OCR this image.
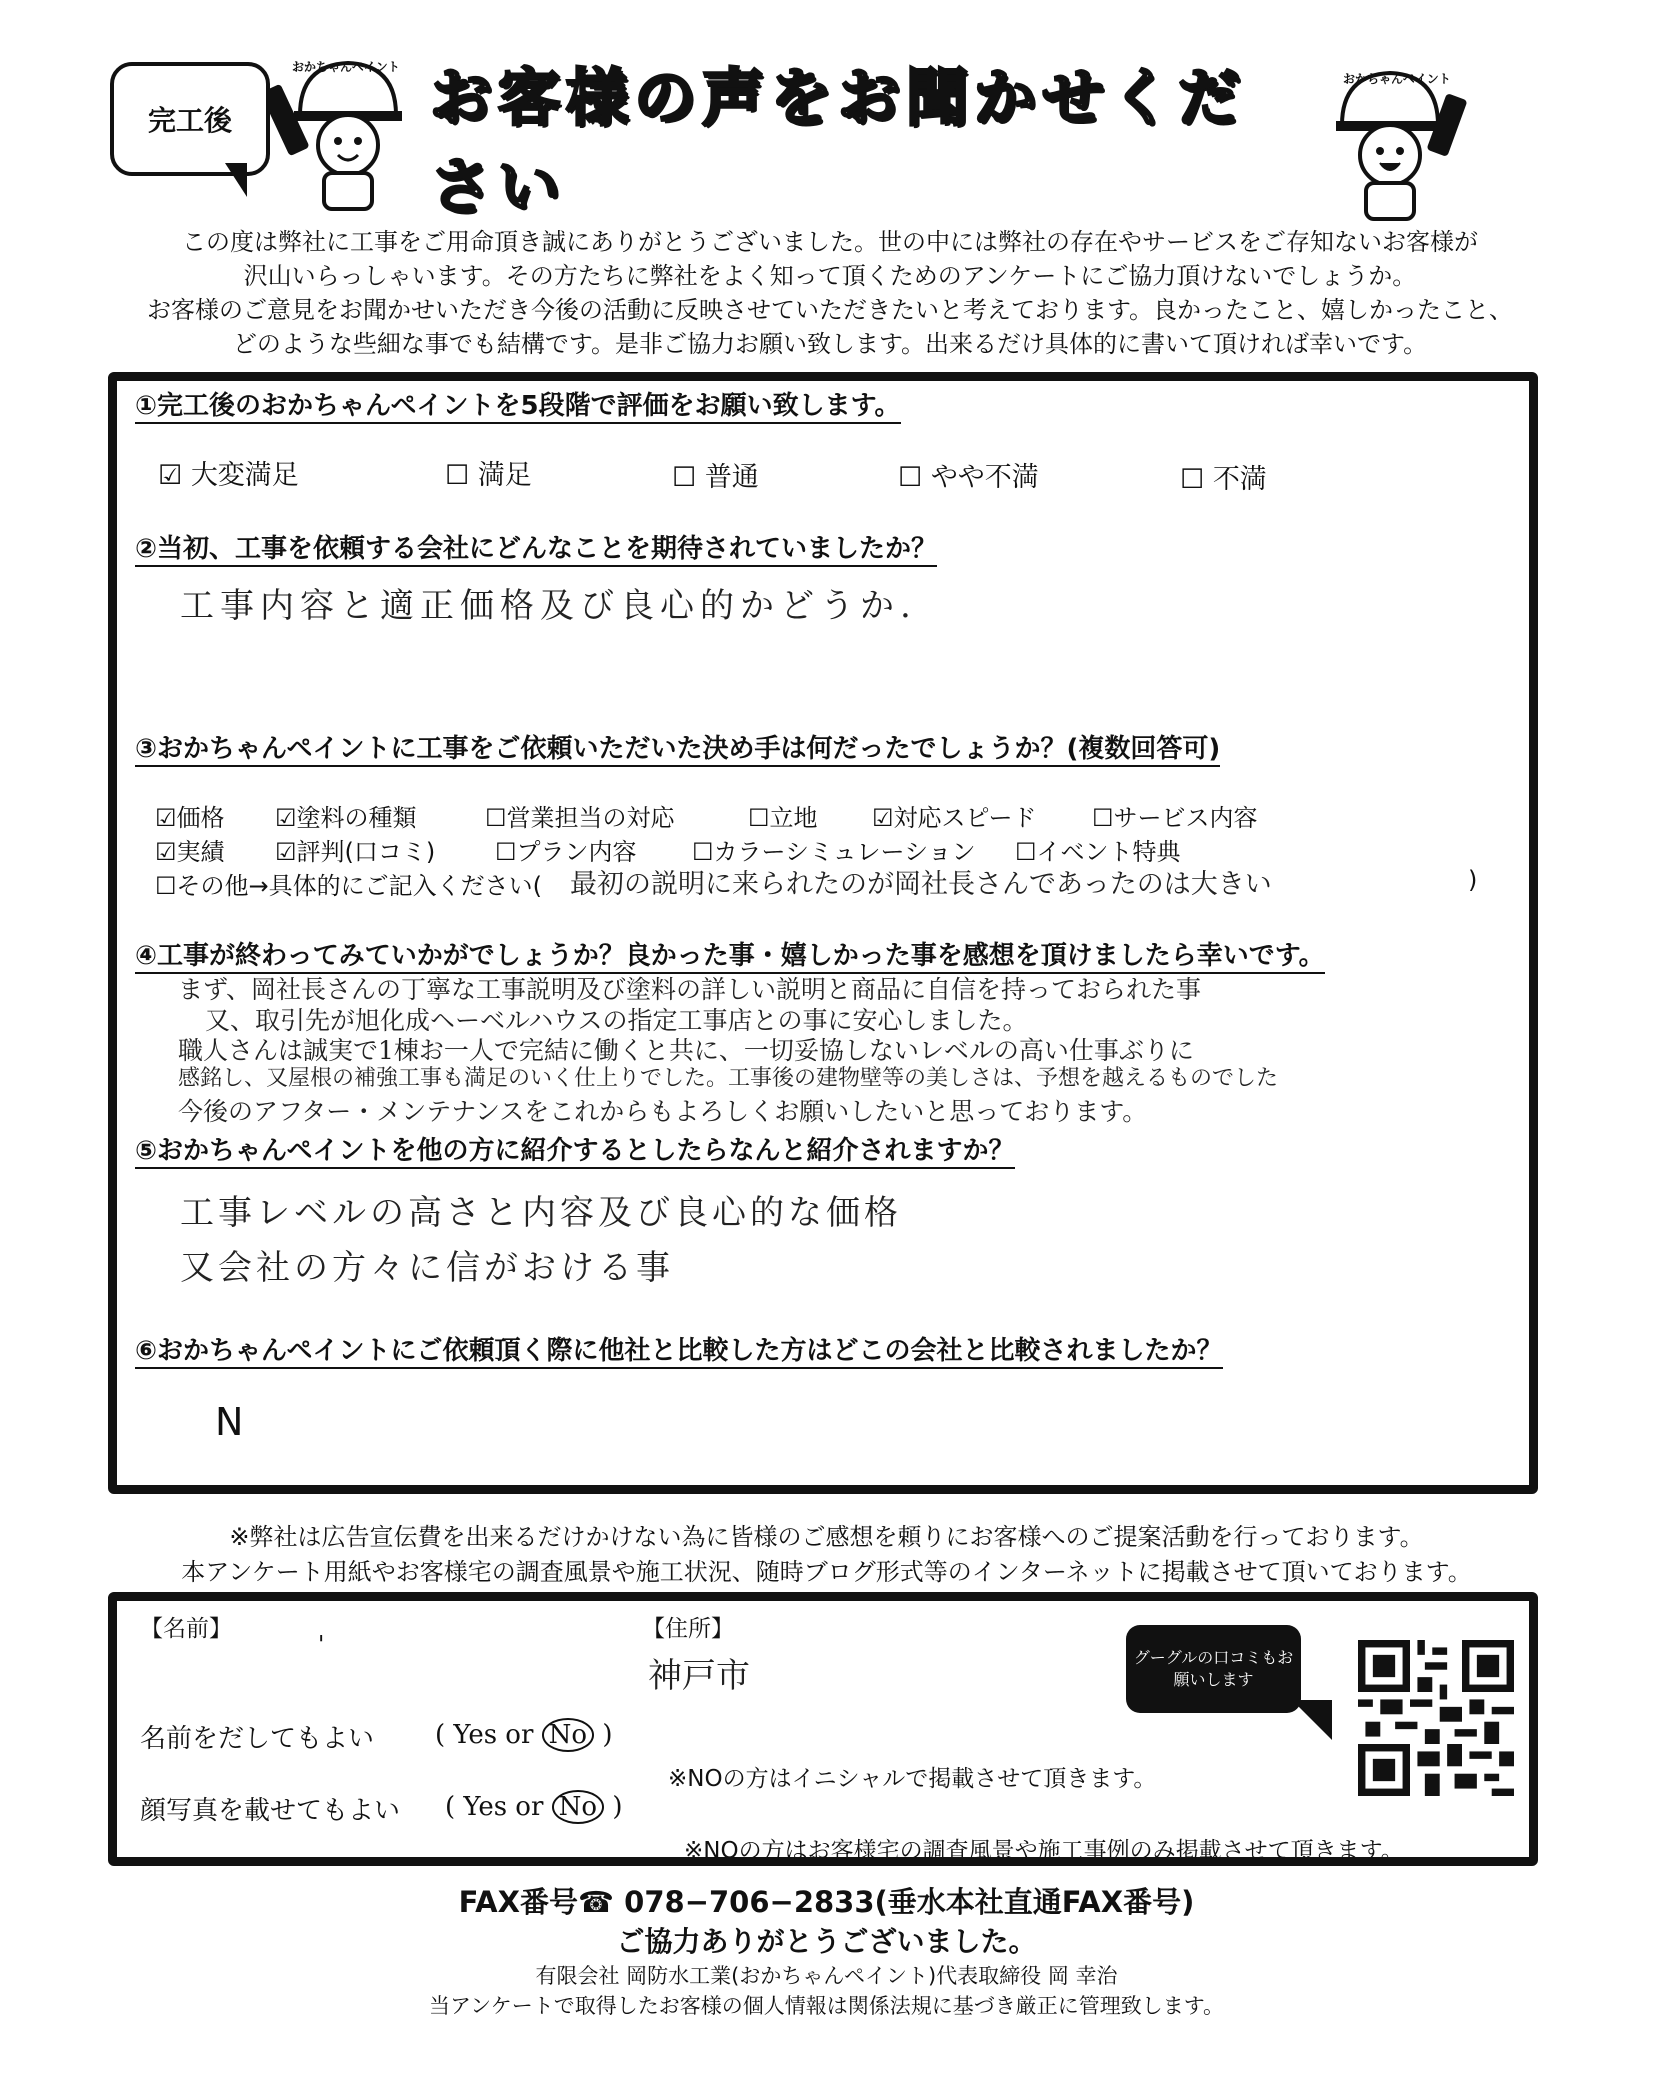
完工後
おかちゃんペイント お客様の声をお聞かせください
おかちゃんペイント

この度は弊社に工事をご用命頂き誠にありがとうございました。世の中には弊社の存在やサービスをご存知ないお客様が

沢山いらっしゃいます。その方たちに弊社をよく知って頂くためのアンケートにご協力頂けないでしょうか。

お客様のご意見をお聞かせいただき今後の活動に反映させていただきたいと考えております。良かったこと、嬉しかったこと、

どのような些細な事でも結構です。是非ご協力お願い致します。出来るだけ具体的に書いて頂ければ幸いです。

①完工後のおかちゃんペイントを5段階で評価をお願い致します。
☑ 大変満足	☐ 満足	☐ 普通	☐ やや不満	☐ 不満
②当初、工事を依頼する会社にどんなことを期待されていましたか？
工事内容と適正価格及び良心的かどうか.
③おかちゃんペイントに工事をご依頼いただいた決め手は何だったでしょうか？(複数回答可)
☑価格 ☑塗料の種類	☐営業担当の対応	☐立地 ☑対応スピード ☐サービス内容
☑実績 ☑評判(口コミ) ☐プラン内容 ☐カラーシミュレーション ☐イベント特典
☐その他→具体的にご記入ください( 最初の説明に来られたのが岡社長さんであったのは大きい	)
④工事が終わってみていかがでしょうか？良かった事・嬉しかった事を感想を頂けましたら幸いです。
まず、岡社長さんの丁寧な工事説明及び塗料の詳しい説明と商品に自信を持っておられた事
又、取引先が旭化成ヘーベルハウスの指定工事店との事に安心しました。
職人さんは誠実で1棟お一人で完結に働くと共に、一切妥協しないレベルの高い仕事ぶりに
感銘し、又屋根の補強工事も満足のいく仕上りでした。工事後の建物壁等の美しさは、予想を越えるものでした
今後のアフター・メンテナンスをこれからもよろしくお願いしたいと思っております。
⑤おかちゃんペイントを他の方に紹介するとしたらなんと紹介されますか？
工事レベルの高さと内容及び良心的な価格
又会社の方々に信がおける事
⑥おかちゃんペイントにご依頼頂く際に他社と比較した方はどこの会社と比較されましたか？
N
※弊社は広告宣伝費を出来るだけかけない為に皆様のご感想を頼りにお客様へのご提案活動を行っております。
本アンケート用紙やお客様宅の調査風景や施工状況、随時ブログ形式等のインターネットに掲載させて頂いております。
【名前】
'
【住所】
神戸市	グーグルの口コミもお願いします
名前をだしてもよい ( Yes or No )
※NOの方はイニシャルで掲載させて頂きます。
顔写真を載せてもよい ( Yes or No )
※NOの方はお客様宅の調査風景や施工事例のみ掲載させて頂きます。
FAX番号☎ 078−706−2833(垂水本社直通FAX番号)
ご協力ありがとうございました。
有限会社 岡防水工業(おかちゃんペイント)代表取締役 岡 幸治
当アンケートで取得したお客様の個人情報は関係法規に基づき厳正に管理致します。
